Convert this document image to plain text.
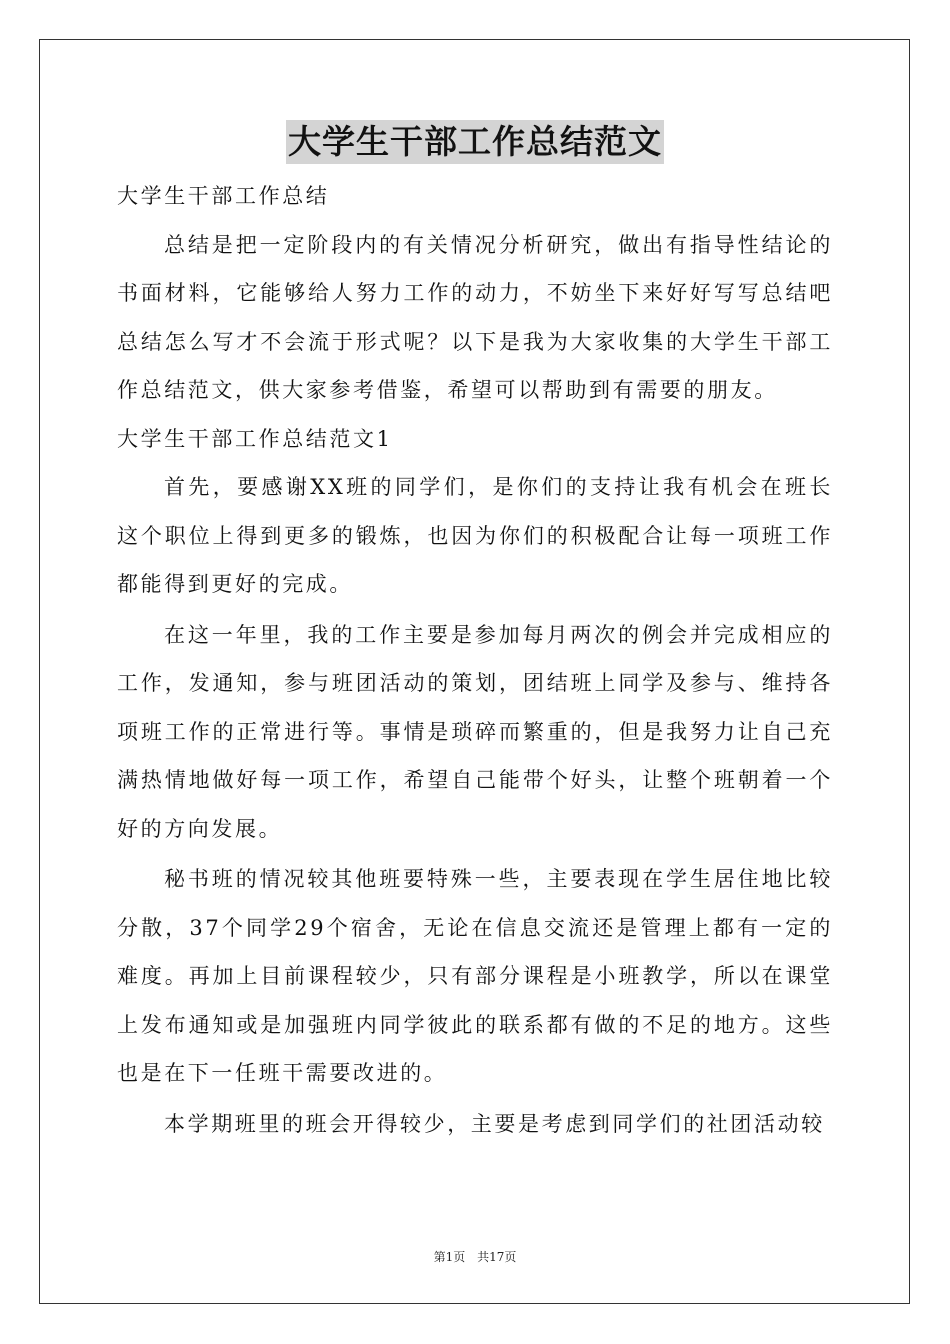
大学生干部工作总结范文

大学生干部工作总结

总结是把一定阶段内的有关情况分析研究，做出有指导性结论的书面材料，它能够给人努力工作的动力，不妨坐下来好好写写总结吧总结怎么写才不会流于形式呢？以下是我为大家收集的大学生干部工作总结范文，供大家参考借鉴，希望可以帮助到有需要的朋友。

大学生干部工作总结范文1

首先，要感谢XX班的同学们，是你们的支持让我有机会在班长这个职位上得到更多的锻炼，也因为你们的积极配合让每一项班工作都能得到更好的完成。

在这一年里，我的工作主要是参加每月两次的例会并完成相应的工作，发通知，参与班团活动的策划，团结班上同学及参与、维持各项班工作的正常进行等。事情是琐碎而繁重的，但是我努力让自己充满热情地做好每一项工作，希望自己能带个好头，让整个班朝着一个好的方向发展。

秘书班的情况较其他班要特殊一些，主要表现在学生居住地比较分散，37个同学29个宿舍，无论在信息交流还是管理上都有一定的难度。再加上目前课程较少，只有部分课程是小班教学，所以在课堂上发布通知或是加强班内同学彼此的联系都有做的不足的地方。这些也是在下一任班干需要改进的。

本学期班里的班会开得较少，主要是考虑到同学们的社团活动较

第1页 共17页
